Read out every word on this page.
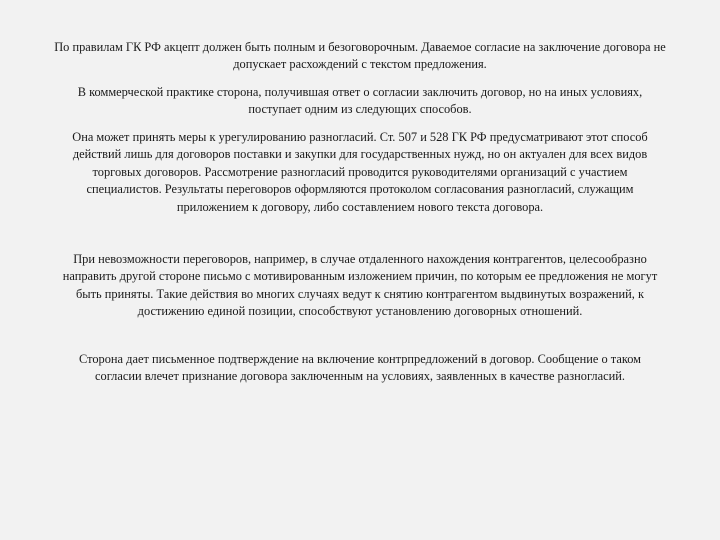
По правилам ГК РФ акцепт должен быть полным и безоговорочным. Даваемое согласие на заключение договора не допускает расхождений с текстом предложения.

В коммерческой практике сторона, получившая ответ о согласии заключить договор, но на иных условиях, поступает одним из следующих способов.

Она может принять меры к урегулированию разногласий. Ст. 507 и 528 ГК РФ предусматривают этот способ действий лишь для договоров поставки и закупки для государственных нужд, но он актуален для всех видов торговых договоров. Рассмотрение разногласий проводится руководителями организаций с участием специалистов. Результаты переговоров оформляются протоколом согласования разногласий, служащим приложением к договору, либо составлением нового текста договора.

При невозможности переговоров, например, в случае отдаленного нахождения контрагентов, целесообразно направить другой стороне письмо с мотивированным изложением причин, по которым ее предложения не могут быть приняты. Такие действия во многих случаях ведут к снятию контрагентом выдвинутых возражений, к достижению единой позиции, способствуют установлению договорных отношений.

Сторона дает письменное подтверждение на включение контрпредложений в договор. Сообщение о таком согласии влечет признание договора заключенным на условиях, заявленных в качестве разногласий.
